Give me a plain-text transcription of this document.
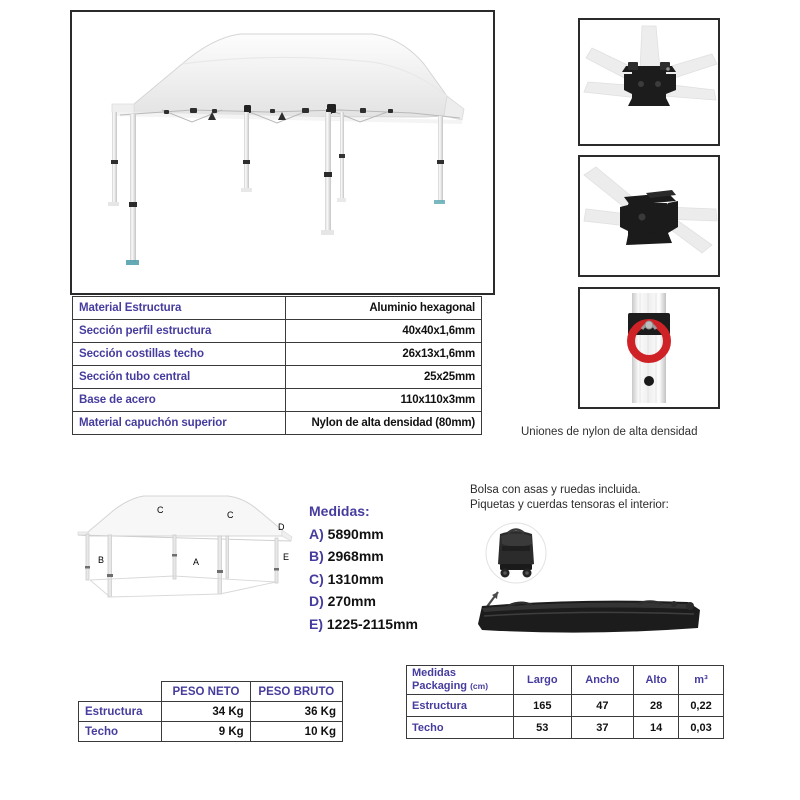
Uniones de nylon de alta densidad
Material Estructura	Aluminio hexagonal
Sección perfil estructura	40x40x1,6mm
Sección costillas techo	26x13x1,6mm
Sección tubo central	25x25mm
Base de acero	110x110x3mm
Material capuchón superior	Nylon de alta densidad (80mm)
A
B
C	C
D
E
Medidas:
A) 5890mm
B) 2968mm
C) 1310mm
D) 270mm
E) 1225-2115mm
Bolsa con asas y ruedas incluida.
Piquetas y cuerdas tensoras el interior:
	PESO NETO	PESO BRUTO
Estructura	34 Kg	36 Kg
Techo	9 Kg	10 Kg
Medidas
Packaging (cm)	Largo	Ancho	Alto	m³
Estructura	165	47	28	0,22
Techo	53	37	14	0,03
